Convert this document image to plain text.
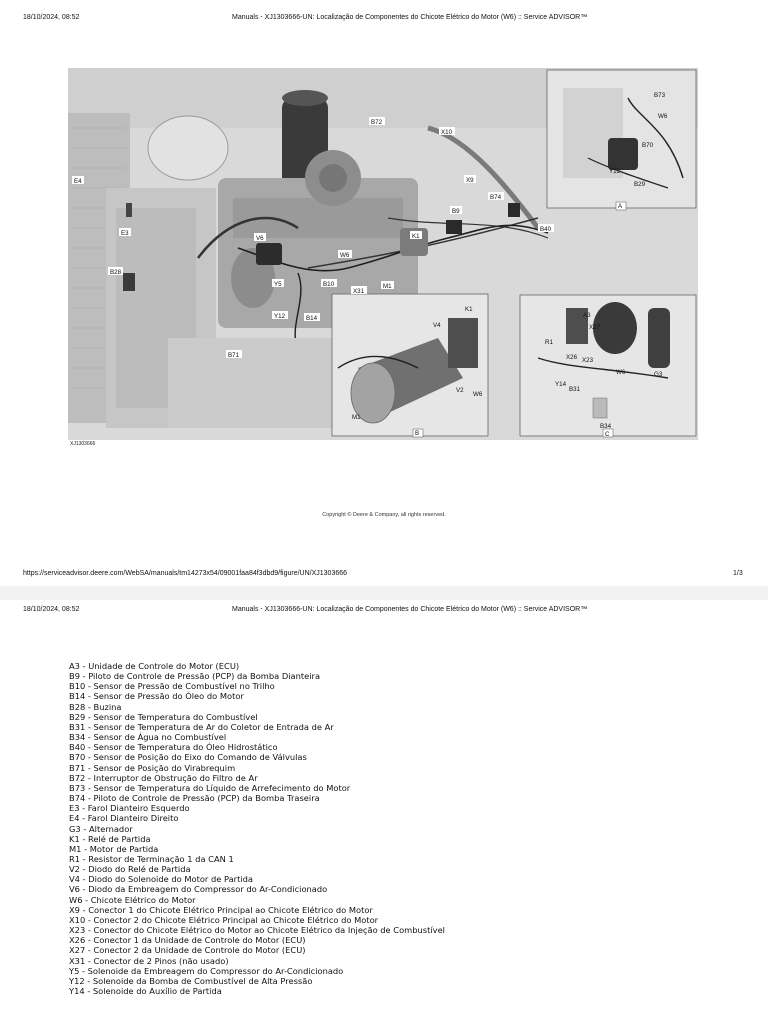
18/10/2024, 08:52	Manuals - XJ1303666-UN: Localização de Componentes do Chicote Elétrico do Motor (W6) :: Service ADVISOR™
E4
E3
B28
B72
X10
X9
B74
B9
B40
V6	K1
W6
Y5	B10
X31
M1
Y12	B14
B71
B73
W6
B70
Y12
B29
A
V4
K1
V2
W6
M1
B
A3
X27
R1
X26 X23
Y14
B31
W6	G3
B34
C
XJ1303666
Copyright © Deere & Company, all rights reserved.
https://serviceadvisor.deere.com/WebSA/manuals/tm14273x54/09001faa84f3dbd9/figure/UN/XJ1303666	1/3
18/10/2024, 08:52	Manuals - XJ1303666-UN: Localização de Componentes do Chicote Elétrico do Motor (W6) :: Service ADVISOR™
A3 - Unidade de Controle do Motor (ECU)
B9 - Piloto de Controle de Pressão (PCP) da Bomba Dianteira
B10 - Sensor de Pressão de Combustível no Trilho
B14 - Sensor de Pressão do Óleo do Motor
B28 - Buzina
B29 - Sensor de Temperatura do Combustível
B31 - Sensor de Temperatura de Ar do Coletor de Entrada de Ar
B34 - Sensor de Água no Combustível
B40 - Sensor de Temperatura do Óleo Hidrostático
B70 - Sensor de Posição do Eixo do Comando de Válvulas
B71 - Sensor de Posição do Virabrequim
B72 - Interruptor de Obstrução do Filtro de Ar
B73 - Sensor de Temperatura do Líquido de Arrefecimento do Motor
B74 - Piloto de Controle de Pressão (PCP) da Bomba Traseira
E3 - Farol Dianteiro Esquerdo
E4 - Farol Dianteiro Direito
G3 - Alternador
K1 - Relé de Partida
M1 - Motor de Partida
R1 - Resistor de Terminação 1 da CAN 1
V2 - Diodo do Relé de Partida
V4 - Diodo do Solenoide do Motor de Partida
V6 - Diodo da Embreagem do Compressor do Ar-Condicionado
W6 - Chicote Elétrico do Motor
X9 - Conector 1 do Chicote Elétrico Principal ao Chicote Elétrico do Motor
X10 - Conector 2 do Chicote Elétrico Principal ao Chicote Elétrico do Motor
X23 - Conector do Chicote Elétrico do Motor ao Chicote Elétrico da Injeção de Combustível
X26 - Conector 1 da Unidade de Controle do Motor (ECU)
X27 - Conector 2 da Unidade de Controle do Motor (ECU)
X31 - Conector de 2 Pinos (não usado)
Y5 - Solenoide da Embreagem do Compressor do Ar-Condicionado
Y12 - Solenoide da Bomba de Combustível de Alta Pressão
Y14 - Solenoide do Auxílio de Partida
